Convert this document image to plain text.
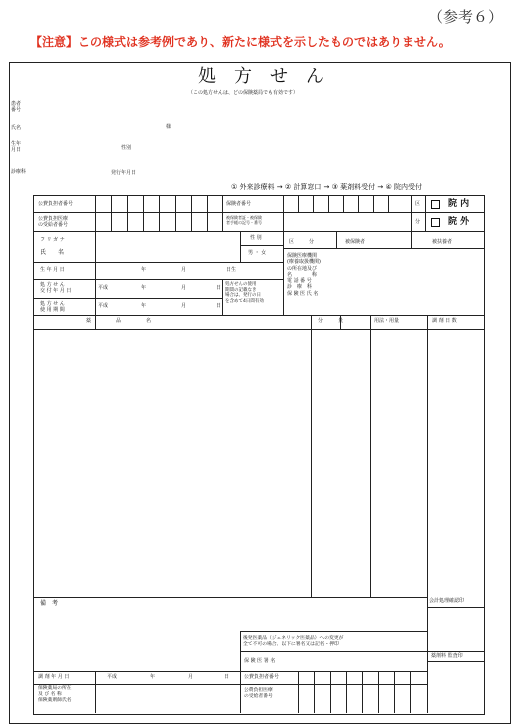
（参考６）
【注意】この様式は参考例であり、新たに様式を示したものではありません。
処　方　せ　ん
（この処方せんは、どの保険薬局でも有効です）
患者
番号
氏名	様
生年
月日	性別
診療科	発行年月日
① 外来診療料 → ② 計算窓口 → ③ 薬剤料受付 → ④ 院内受付
公費負担者番号
公費負担医療
の受給者番号
保険者番号
被保険者証・被保険
者手帳の記号・番号
区
分
院 内
院 外
フ リ ガ ナ
氏　　名
性 別
男 ・ 女
区　　　分	被保険者	被扶養者
生 年 月 日	年	月	日生
保険医療機関
(療養取扱機関)
の所在地及び
名　　　　称
電 話 番 号
診　療　科
保 険 医 氏 名
処 方 せ ん
交 付 年 月 日	平成	年	月	日
処方せんの使用
期間の記載なき
場合は、発行の日
を含めて4日間有効
処 方 せ ん
使 用 期 間
平成	年	月	日
薬　　　　　品　　　　　名	分　　　量	用法・用量	調 剤 日 数
備　考	会計処理確認印
後発医薬品（ジェネリック医薬品）への変更が
全て不可の場合、以下に署名又は記名・押印
保 険 医 署 名
薬剤料 監査印
調 剤 年 月 日	平成	年	月	日
保険薬局の所在
及 び 名 称
保険薬剤師氏名
公費負担者番号
公費負担医療
の受給者番号
